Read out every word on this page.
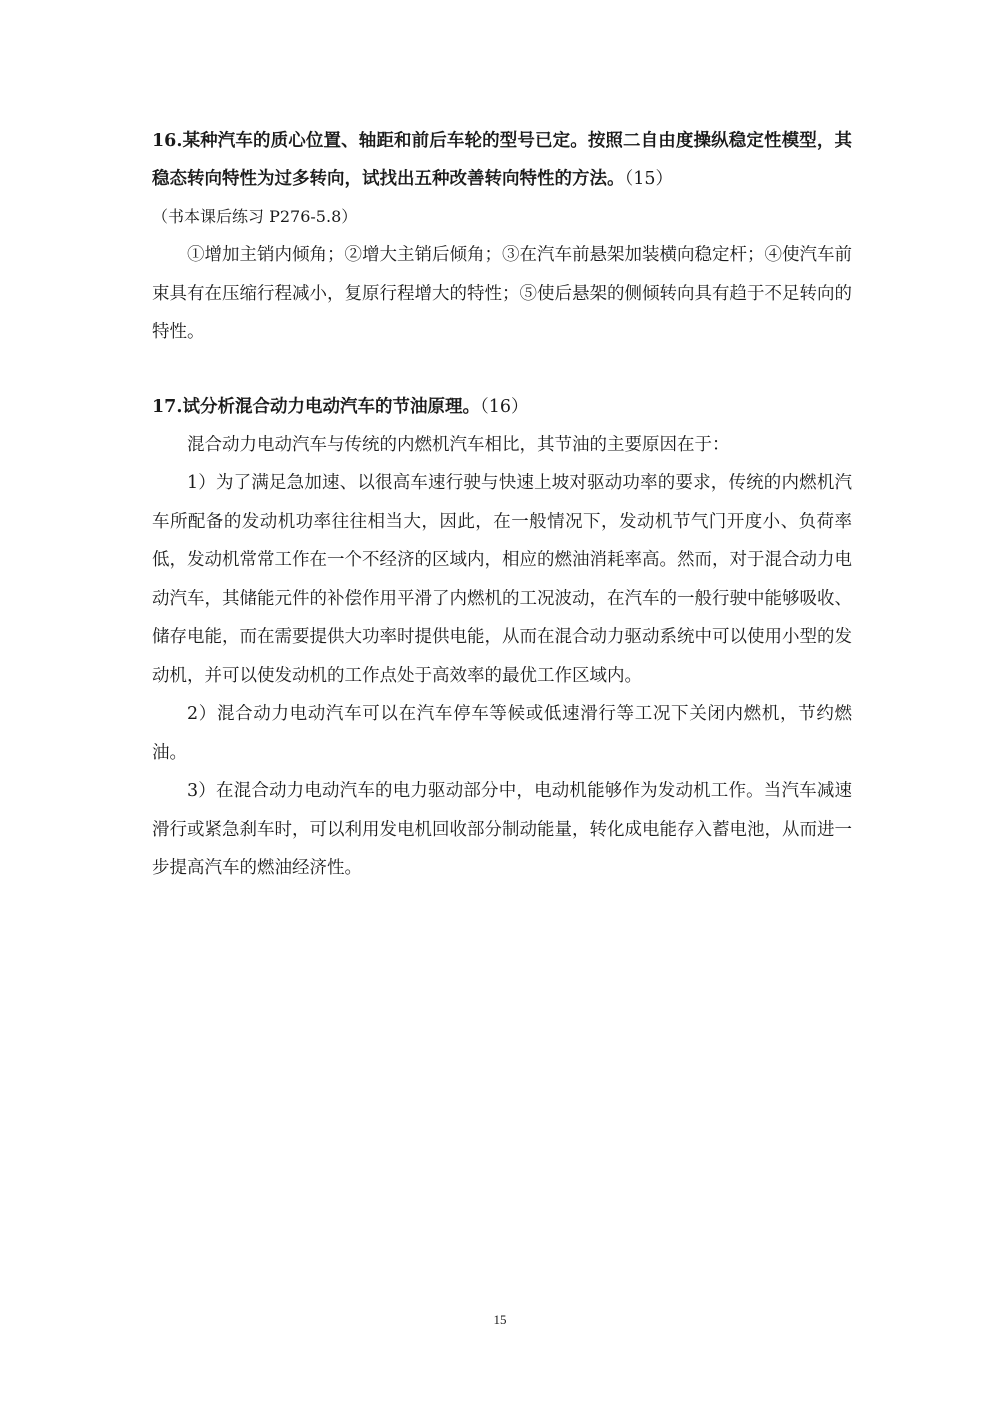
16.某种汽车的质心位置、轴距和前后车轮的型号已定。按照二自由度操纵稳定性模型，其稳态转向特性为过多转向，试找出五种改善转向特性的方法。（15）

（书本课后练习 P276-5.8）

①增加主销内倾角；②增大主销后倾角；③在汽车前悬架加装横向稳定杆；④使汽车前束具有在压缩行程减小，复原行程增大的特性；⑤使后悬架的侧倾转向具有趋于不足转向的特性。

17.试分析混合动力电动汽车的节油原理。（16）

混合动力电动汽车与传统的内燃机汽车相比，其节油的主要原因在于：

1）为了满足急加速、以很高车速行驶与快速上坡对驱动功率的要求，传统的内燃机汽车所配备的发动机功率往往相当大，因此，在一般情况下，发动机节气门开度小、负荷率低，发动机常常工作在一个不经济的区域内，相应的燃油消耗率高。然而，对于混合动力电动汽车，其储能元件的补偿作用平滑了内燃机的工况波动，在汽车的一般行驶中能够吸收、储存电能，而在需要提供大功率时提供电能，从而在混合动力驱动系统中可以使用小型的发动机，并可以使发动机的工作点处于高效率的最优工作区域内。

2）混合动力电动汽车可以在汽车停车等候或低速滑行等工况下关闭内燃机，节约燃油。

3）在混合动力电动汽车的电力驱动部分中，电动机能够作为发动机工作。当汽车减速滑行或紧急刹车时，可以利用发电机回收部分制动能量，转化成电能存入蓄电池，从而进一步提高汽车的燃油经济性。

15
